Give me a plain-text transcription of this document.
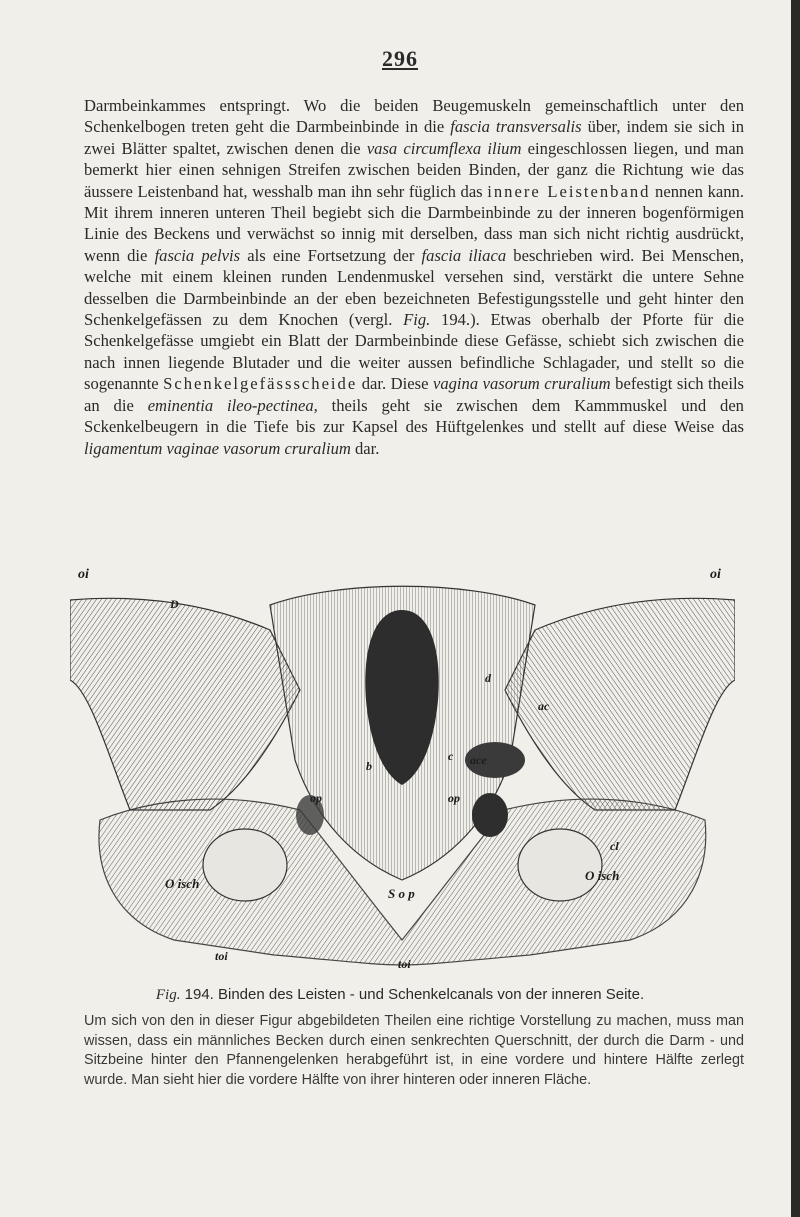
296

Darmbeinkammes entspringt. Wo die beiden Beugemuskeln gemeinschaftlich unter den Schenkelbogen treten geht die Darmbeinbinde in die fascia transversalis über, indem sie sich in zwei Blätter spaltet, zwischen denen die vasa circumflexa ilium eingeschlossen liegen, und man bemerkt hier einen sehnigen Streifen zwischen beiden Binden, der ganz die Richtung wie das äussere Leistenband hat, wesshalb man ihn sehr füglich das innere Leistenband nennen kann. Mit ihrem inneren unteren Theil begiebt sich die Darmbeinbinde zu der inneren bogenförmigen Linie des Beckens und verwächst so innig mit derselben, dass man sich nicht richtig ausdrückt, wenn die fascia pelvis als eine Fortsetzung der fascia iliaca beschrieben wird. Bei Menschen, welche mit einem kleinen runden Lendenmuskel versehen sind, verstärkt die untere Sehne desselben die Darmbeinbinde an der eben bezeichneten Befestigungsstelle und geht hinter den Schenkelgefässen zu dem Knochen (vergl. Fig. 194.). Etwas oberhalb der Pforte für die Schenkelgefässe umgiebt ein Blatt der Darmbeinbinde diese Gefässe, schiebt sich zwischen die nach innen liegende Blutader und die weiter aussen befindliche Schlagader, und stellt so die sogenannte Schenkelgefässscheide dar. Diese vagina vasorum cruralium befestigt sich theils an die eminentia ileo-pectinea, theils geht sie zwischen dem Kammmuskel und den Sckenkelbeugern in die Tiefe bis zur Kapsel des Hüftgelenkes und stellt auf diese Weise das ligamentum vaginae vasorum cruralium dar.

oi	oi
D
d
ac
ace
b
c
op	op
cl
O isch
O isch
S o p
toi
toi
Fig. 194. Binden des Leisten - und Schenkelcanals von der inneren Seite.
Um sich von den in dieser Figur abgebildeten Theilen eine richtige Vorstellung zu machen, muss man wissen, dass ein männliches Becken durch einen senkrechten Querschnitt, der durch die Darm - und Sitzbeine hinter den Pfannengelenken herabgeführt ist, in eine vordere und hintere Hälfte zerlegt wurde. Man sieht hier die vordere Hälfte von ihrer hinteren oder inneren Fläche.
